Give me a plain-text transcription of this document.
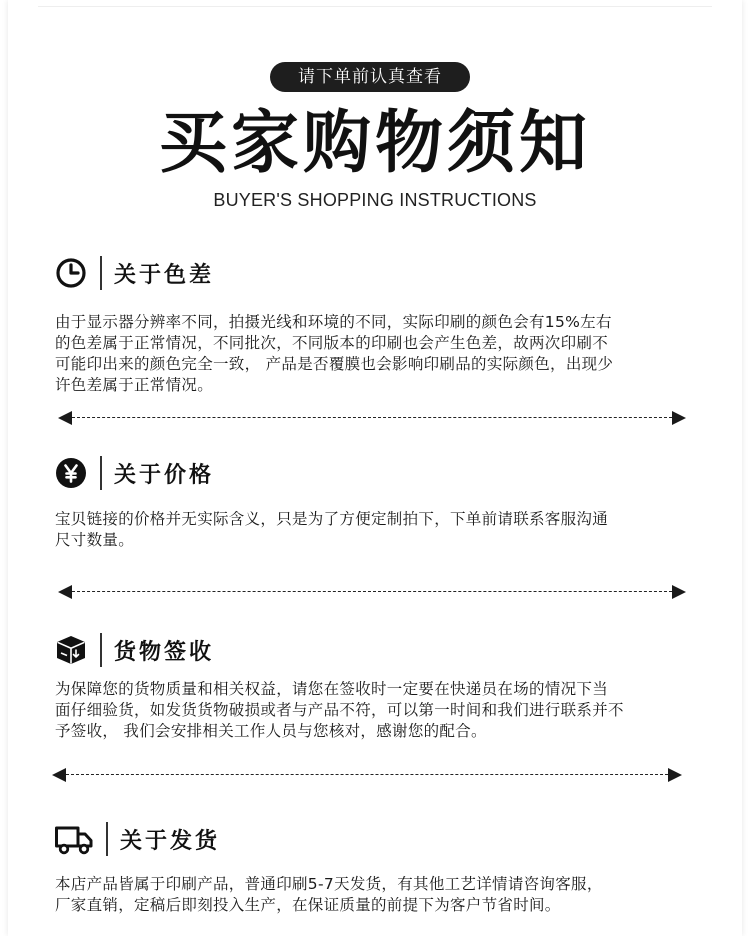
请下单前认真查看
买家购物须知
BUYER'S SHOPPING INSTRUCTIONS
关于色差
由于显示器分辨率不同，拍摄光线和环境的不同，实际印刷的颜色会有15%左右
的色差属于正常情况，不同批次，不同版本的印刷也会产生色差，故两次印刷不
可能印出来的颜色完全一致， 产品是否覆膜也会影响印刷品的实际颜色，出现少
许色差属于正常情况。
关于价格
宝贝链接的价格并无实际含义，只是为了方便定制拍下，下单前请联系客服沟通
尺寸数量。
货物签收
为保障您的货物质量和相关权益，请您在签收时一定要在快递员在场的情况下当
面仔细验货，如发货货物破损或者与产品不符，可以第一时间和我们进行联系并不
予签收， 我们会安排相关工作人员与您核对，感谢您的配合。
关于发货
本店产品皆属于印刷产品，普通印刷5-7天发货，有其他工艺详情请咨询客服，
厂家直销，定稿后即刻投入生产，在保证质量的前提下为客户节省时间。
